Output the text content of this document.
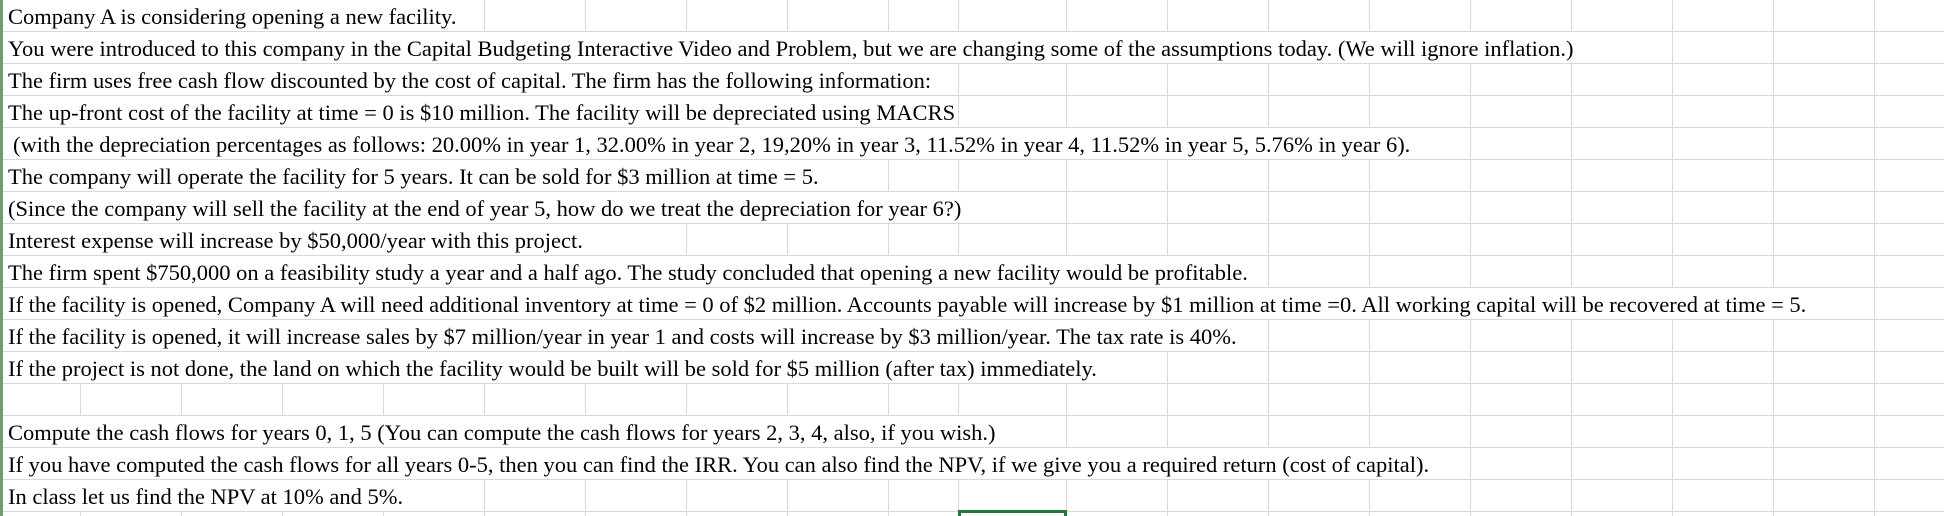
Company A is considering opening a new facility.
You were introduced to this company in the Capital Budgeting Interactive Video and Problem, but we are changing some of the assumptions today. (We will ignore inflation.)
The firm uses free cash flow discounted by the cost of capital. The firm has the following information:
The up-front cost of the facility at time = 0 is $10 million. The facility will be depreciated using MACRS
(with the depreciation percentages as follows: 20.00% in year 1, 32.00% in year 2, 19,20% in year 3, 11.52% in year 4, 11.52% in year 5, 5.76% in year 6).
The company will operate the facility for 5 years. It can be sold for $3 million at time = 5.
(Since the company will sell the facility at the end of year 5, how do we treat the depreciation for year 6?)
Interest expense will increase by $50,000/year with this project.
The firm spent $750,000 on a feasibility study a year and a half ago. The study concluded that opening a new facility would be profitable.
If the facility is opened, Company A will need additional inventory at time = 0 of $2 million. Accounts payable will increase by $1 million at time =0. All working capital will be recovered at time = 5.
If the facility is opened, it will increase sales by $7 million/year in year 1 and costs will increase by $3 million/year. The tax rate is 40%.
If the project is not done, the land on which the facility would be built will be sold for $5 million (after tax) immediately.
Compute the cash flows for years 0, 1, 5 (You can compute the cash flows for years 2, 3, 4, also, if you wish.)
If you have computed the cash flows for all years 0-5, then you can find the IRR. You can also find the NPV, if we give you a required return (cost of capital).
In class let us find the NPV at 10% and 5%.
